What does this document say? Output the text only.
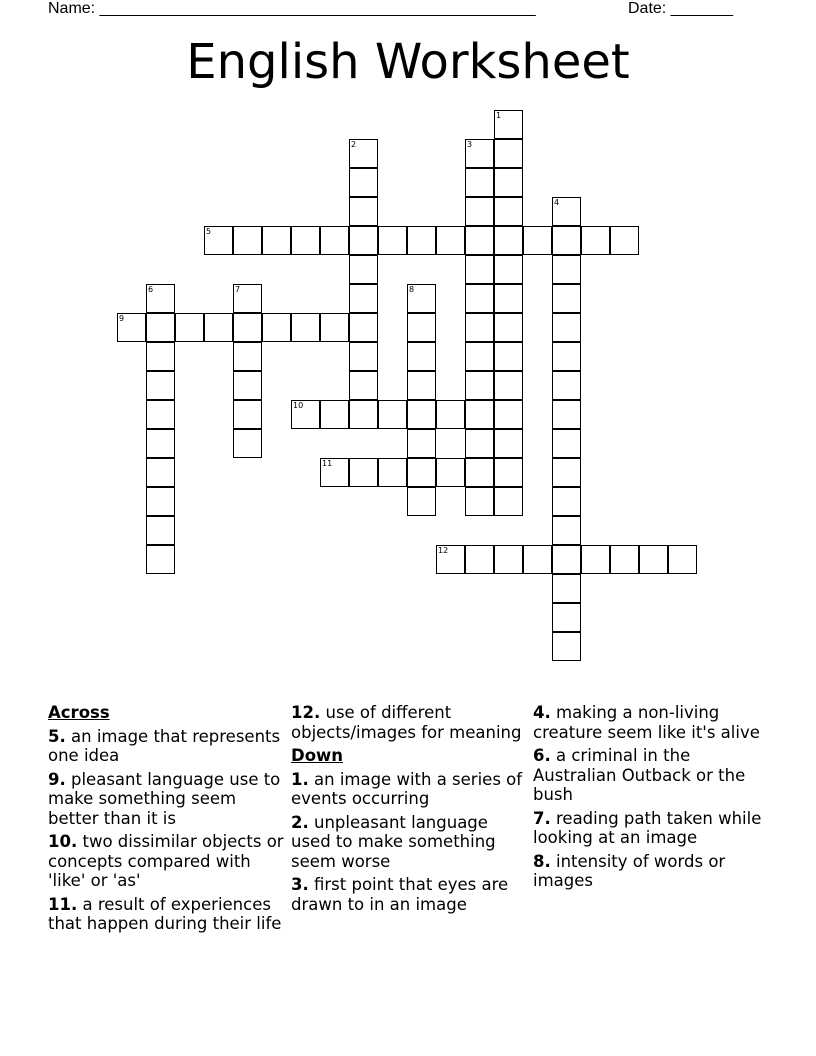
Name: _________________________________________________	Date: _______
English Worksheet
1
2	3
4
5
6	7	8
9
10
11
12
Across
5. an image that represents one idea
9. pleasant language use to make something seem better than it is
10. two dissimilar objects or concepts compared with 'like' or 'as'
11. a result of experiences that happen during their life
12. use of different objects/images for meaning
Down
1. an image with a series of events occurring
2. unpleasant language used to make something seem worse
3. first point that eyes are drawn to in an image
4. making a non-living creature seem like it's alive
6. a criminal in the Australian Outback or the bush
7. reading path taken while looking at an image
8. intensity of words or images
